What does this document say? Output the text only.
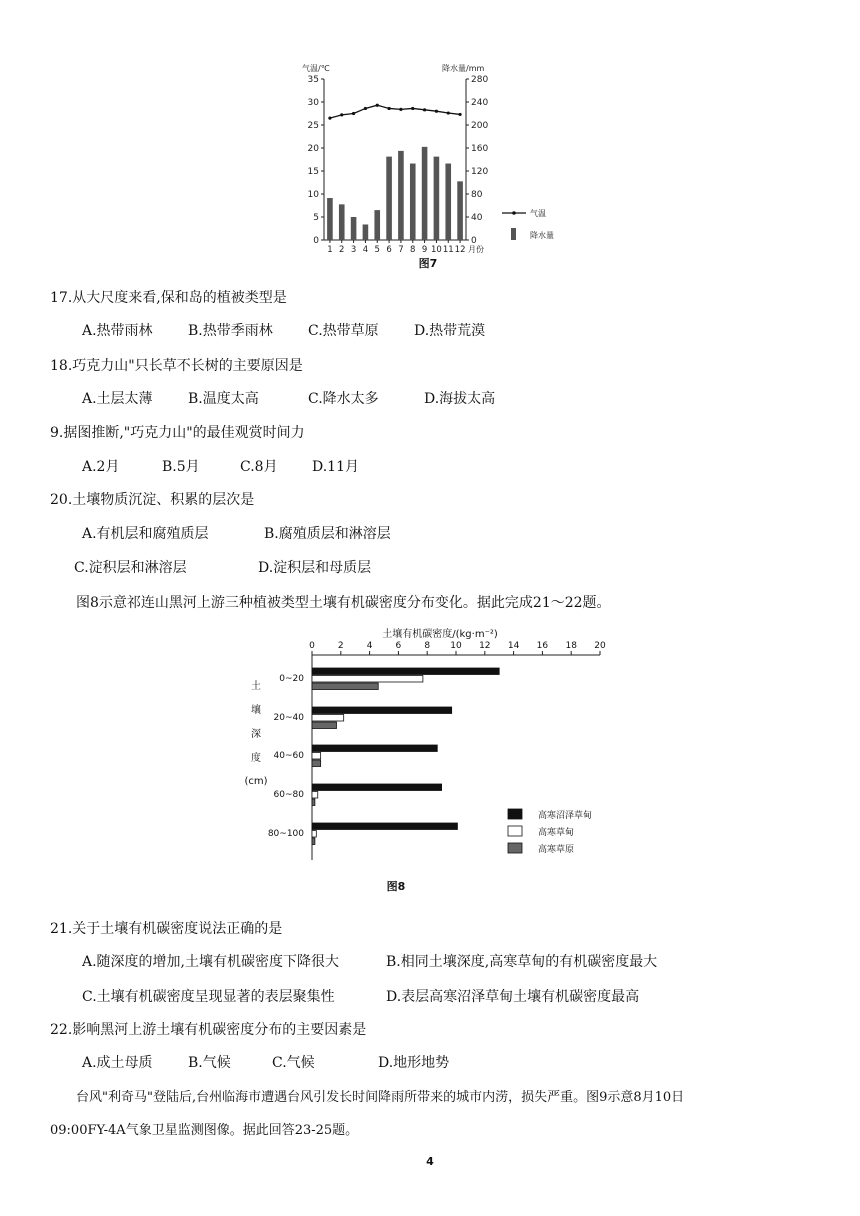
0
5
10
15
20
25
30
35
0
40
80
120
160
200
240
280
气温/℃	降水量/mm
1 2 3 4 5 6 7 8 9 10 11 12 月份
气温
降水量
图7
17.从大尺度来看,保和岛的植被类型是
A.热带雨林	B.热带季雨林	C.热带草原	D.热带荒漠
18.巧克力山"只长草不长树的主要原因是
A.土层太薄	B.温度太高	C.降水太多	D.海拔太高
9.据图推断,"巧克力山"的最佳观赏时间力
A.2月	B.5月	C.8月 D.11月
20.土壤物质沉淀、积累的层次是
A.有机层和腐殖质层	B.腐殖质层和淋溶层
C.淀积层和淋溶层	D.淀积层和母质层
图8示意祁连山黑河上游三种植被类型土壤有机碳密度分布变化。据此完成21〜22题。
土壤有机碳密度/(kg·m⁻²)
0	2	4	6	8 10 12 14 16 18 20
土
壤
深
度
(cm)
0~20
20~40
40~60
60~80
80~100
高寒沼泽草甸
高寒草甸
高寒草原
图8
21.关于土壤有机碳密度说法正确的是
A.随深度的增加,土壤有机碳密度下降很大	B.相同土壤深度,高寒草甸的有机碳密度最大
C.土壤有机碳密度呈现显著的表层聚集性	D.表层高寒沼泽草甸土壤有机碳密度最高
22.影响黑河上游土壤有机碳密度分布的主要因素是
A.成土母质	B.气候	C.气候	D.地形地势
台风"利奇马"登陆后,台州临海市遭遇台风引发长时间降雨所带来的城市内涝，损失严重。图9示意8月10日
09:00FY-4A气象卫星监测图像。据此回答23-25题。
4
